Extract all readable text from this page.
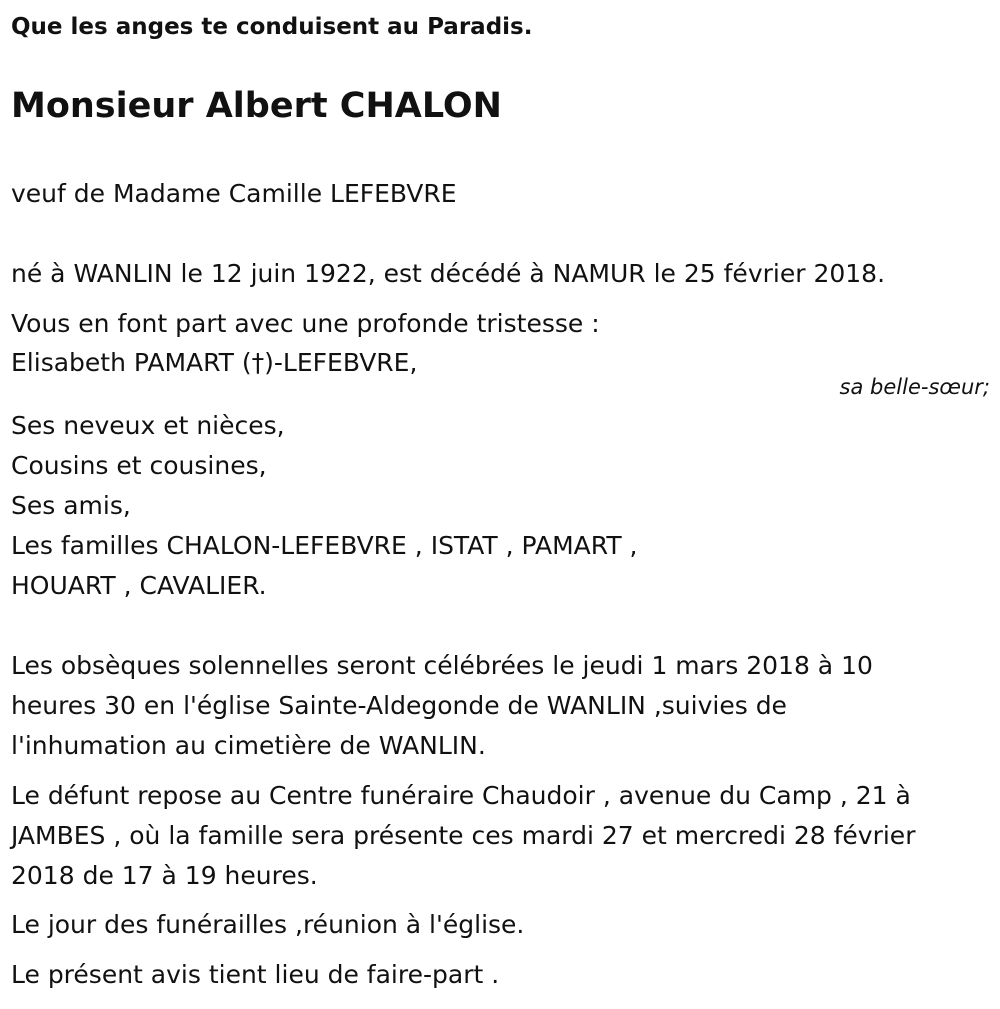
Que les anges te conduisent au Paradis.
Monsieur Albert CHALON
veuf de Madame Camille LEFEBVRE
né à WANLIN le 12 juin 1922, est décédé à NAMUR le 25 février 2018.
Vous en font part avec une profonde tristesse :
Elisabeth PAMART (†)-LEFEBVRE,
sa belle-sœur;
Ses neveux et nièces,
Cousins et cousines,
Ses amis,
Les familles CHALON-LEFEBVRE , ISTAT , PAMART ,
HOUART , CAVALIER.
Les obsèques solennelles seront célébrées le jeudi 1 mars 2018 à 10
heures 30 en l'église Sainte-Aldegonde de WANLIN ,suivies de
l'inhumation au cimetière de WANLIN.
Le défunt repose au Centre funéraire Chaudoir , avenue du Camp , 21 à
JAMBES , où la famille sera présente ces mardi 27 et mercredi 28 février
2018 de 17 à 19 heures.
Le jour des funérailles ,réunion à l'église.
Le présent avis tient lieu de faire-part .
